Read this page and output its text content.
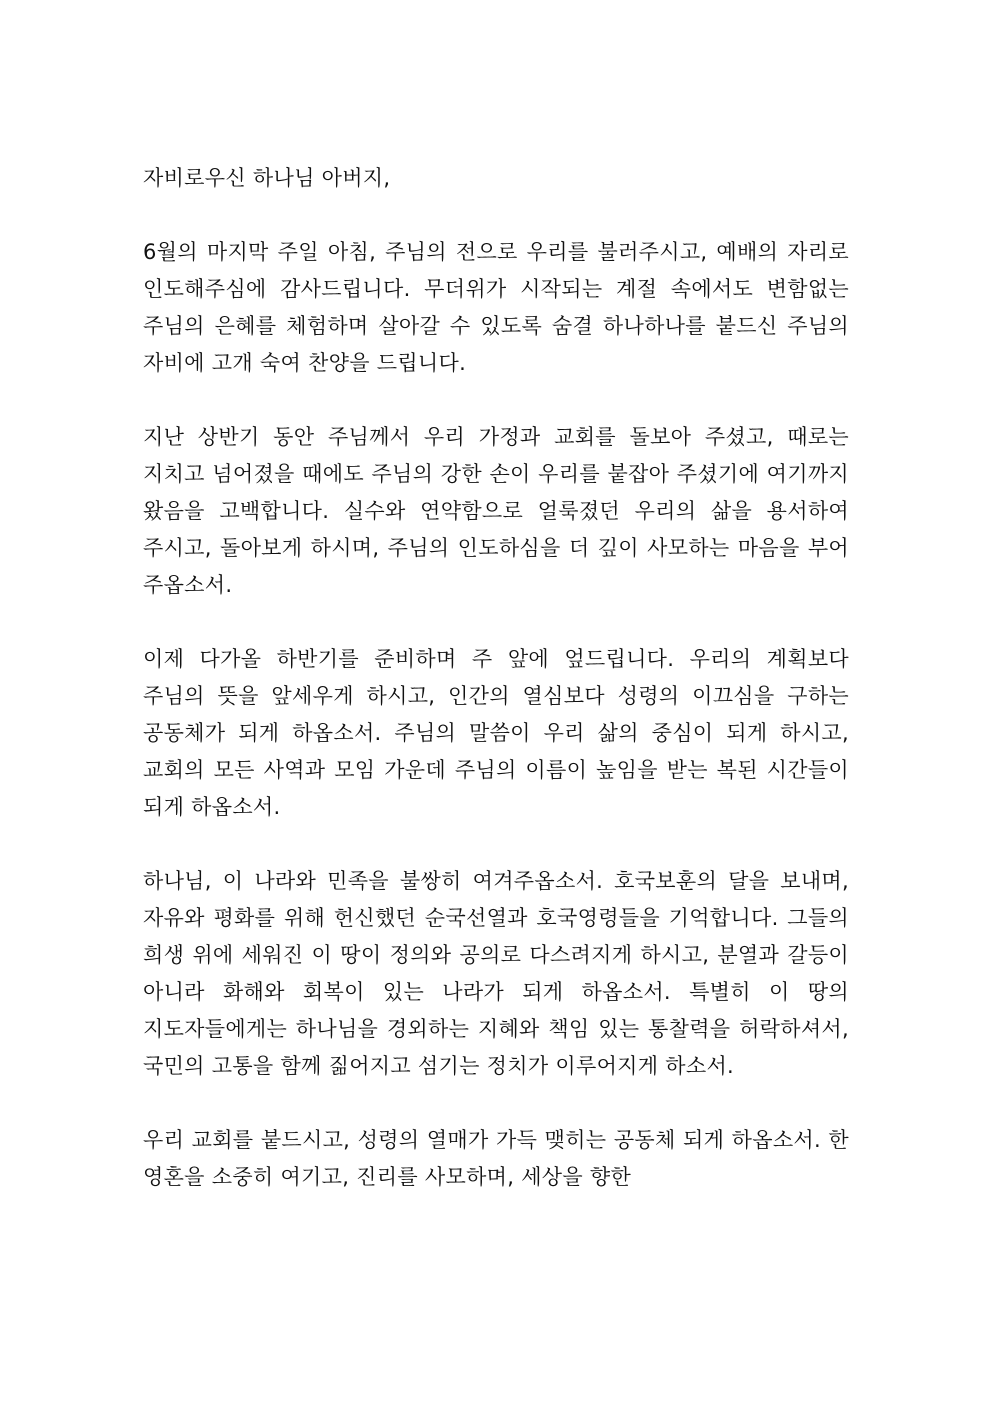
자비로우신 하나님 아버지,

6월의 마지막 주일 아침, 주님의 전으로 우리를 불러주시고, 예배의 자리로 인도해주심에 감사드립니다. 무더위가 시작되는 계절 속에서도 변함없는 주님의 은혜를 체험하며 살아갈 수 있도록 숨결 하나하나를 붙드신 주님의 자비에 고개 숙여 찬양을 드립니다.

지난 상반기 동안 주님께서 우리 가정과 교회를 돌보아 주셨고, 때로는 지치고 넘어졌을 때에도 주님의 강한 손이 우리를 붙잡아 주셨기에 여기까지 왔음을 고백합니다. 실수와 연약함으로 얼룩졌던 우리의 삶을 용서하여 주시고, 돌아보게 하시며, 주님의 인도하심을 더 깊이 사모하는 마음을 부어 주옵소서.

이제 다가올 하반기를 준비하며 주 앞에 엎드립니다. 우리의 계획보다 주님의 뜻을 앞세우게 하시고, 인간의 열심보다 성령의 이끄심을 구하는 공동체가 되게 하옵소서. 주님의 말씀이 우리 삶의 중심이 되게 하시고, 교회의 모든 사역과 모임 가운데 주님의 이름이 높임을 받는 복된 시간들이 되게 하옵소서.

하나님, 이 나라와 민족을 불쌍히 여겨주옵소서. 호국보훈의 달을 보내며, 자유와 평화를 위해 헌신했던 순국선열과 호국영령들을 기억합니다. 그들의 희생 위에 세워진 이 땅이 정의와 공의로 다스려지게 하시고, 분열과 갈등이 아니라 화해와 회복이 있는 나라가 되게 하옵소서. 특별히 이 땅의 지도자들에게는 하나님을 경외하는 지혜와 책임 있는 통찰력을 허락하셔서, 국민의 고통을 함께 짊어지고 섬기는 정치가 이루어지게 하소서.

우리 교회를 붙드시고, 성령의 열매가 가득 맺히는 공동체 되게 하옵소서. 한 영혼을 소중히 여기고, 진리를 사모하며, 세상을 향한
